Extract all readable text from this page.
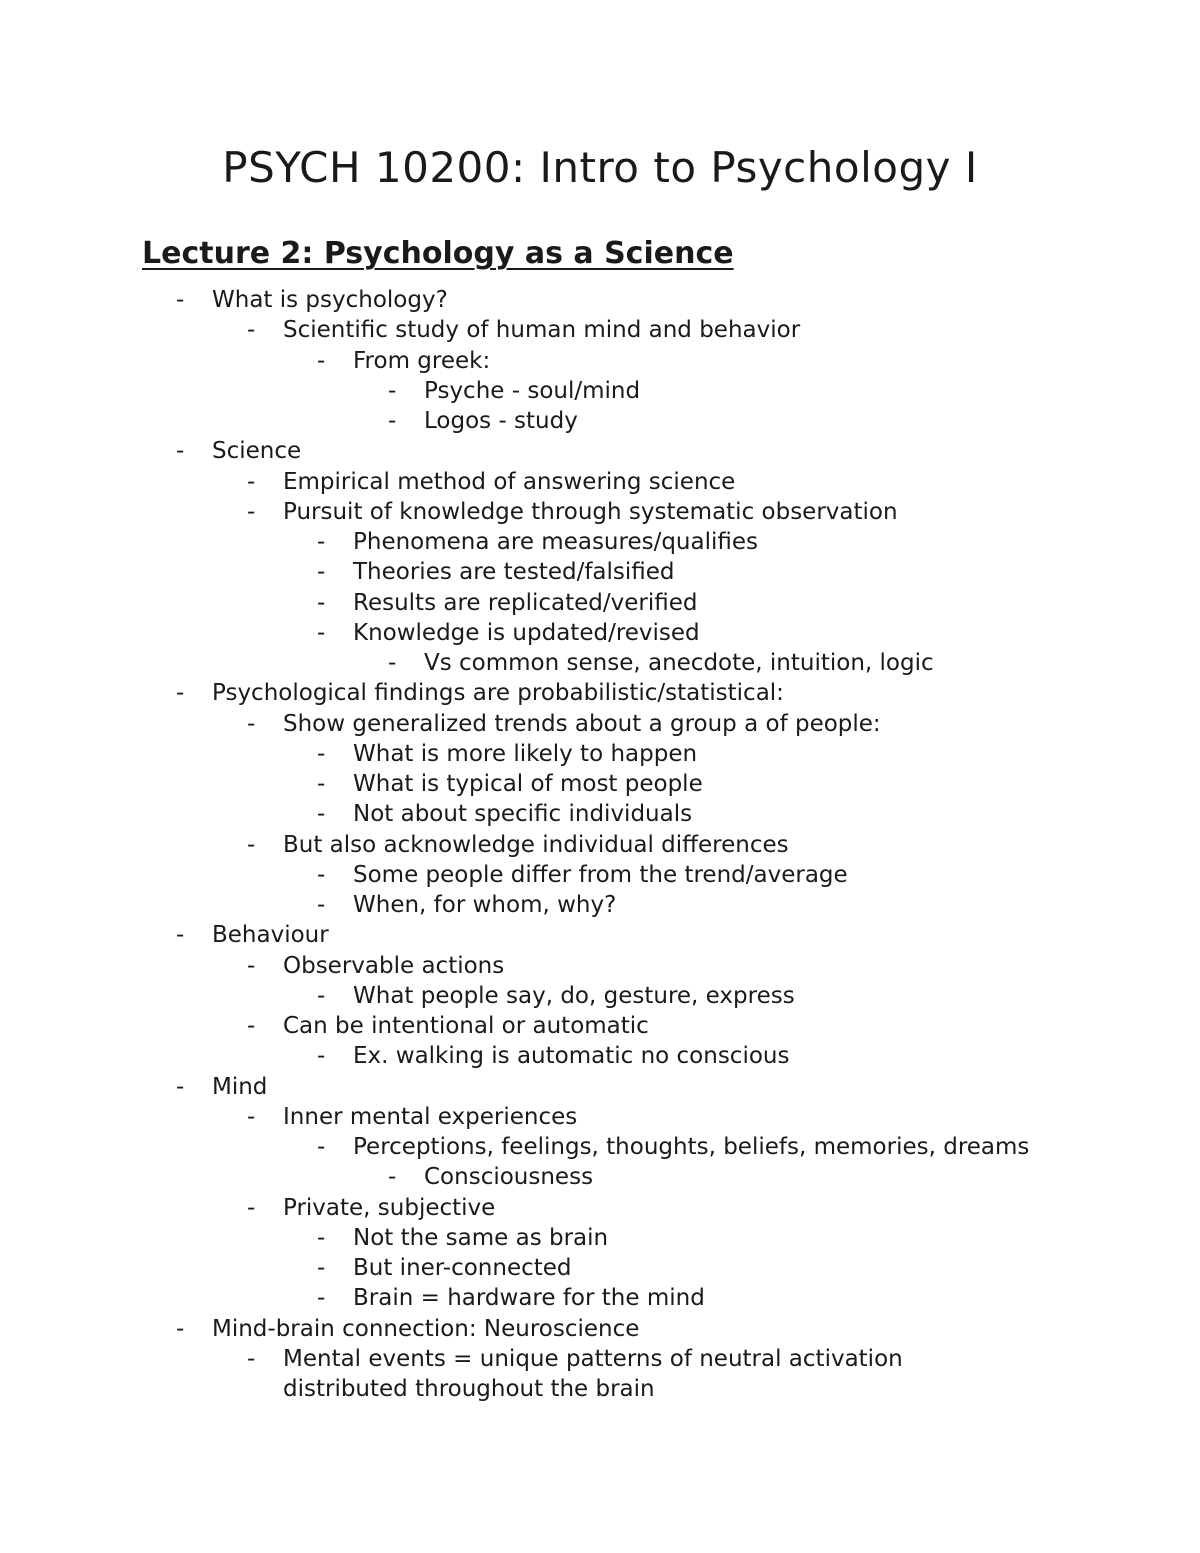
PSYCH 10200: Intro to Psychology I
Lecture 2: Psychology as a Science
- What is psychology?
- Scientific study of human mind and behavior
- From greek:
- Psyche - soul/mind
- Logos - study
- Science
- Empirical method of answering science
- Pursuit of knowledge through systematic observation
- Phenomena are measures/qualifies
- Theories are tested/falsified
- Results are replicated/verified
- Knowledge is updated/revised
- Vs common sense, anecdote, intuition, logic
- Psychological findings are probabilistic/statistical:
- Show generalized trends about a group a of people:
- What is more likely to happen
- What is typical of most people
- Not about specific individuals
- But also acknowledge individual differences
- Some people differ from the trend/average
- When, for whom, why?
- Behaviour
- Observable actions
- What people say, do, gesture, express
- Can be intentional or automatic
- Ex. walking is automatic no conscious
- Mind
- Inner mental experiences
- Perceptions, feelings, thoughts, beliefs, memories, dreams
- Consciousness
- Private, subjective
- Not the same as brain
- But iner-connected
- Brain = hardware for the mind
- Mind-brain connection: Neuroscience
- Mental events = unique patterns of neutral activation
distributed throughout the brain
